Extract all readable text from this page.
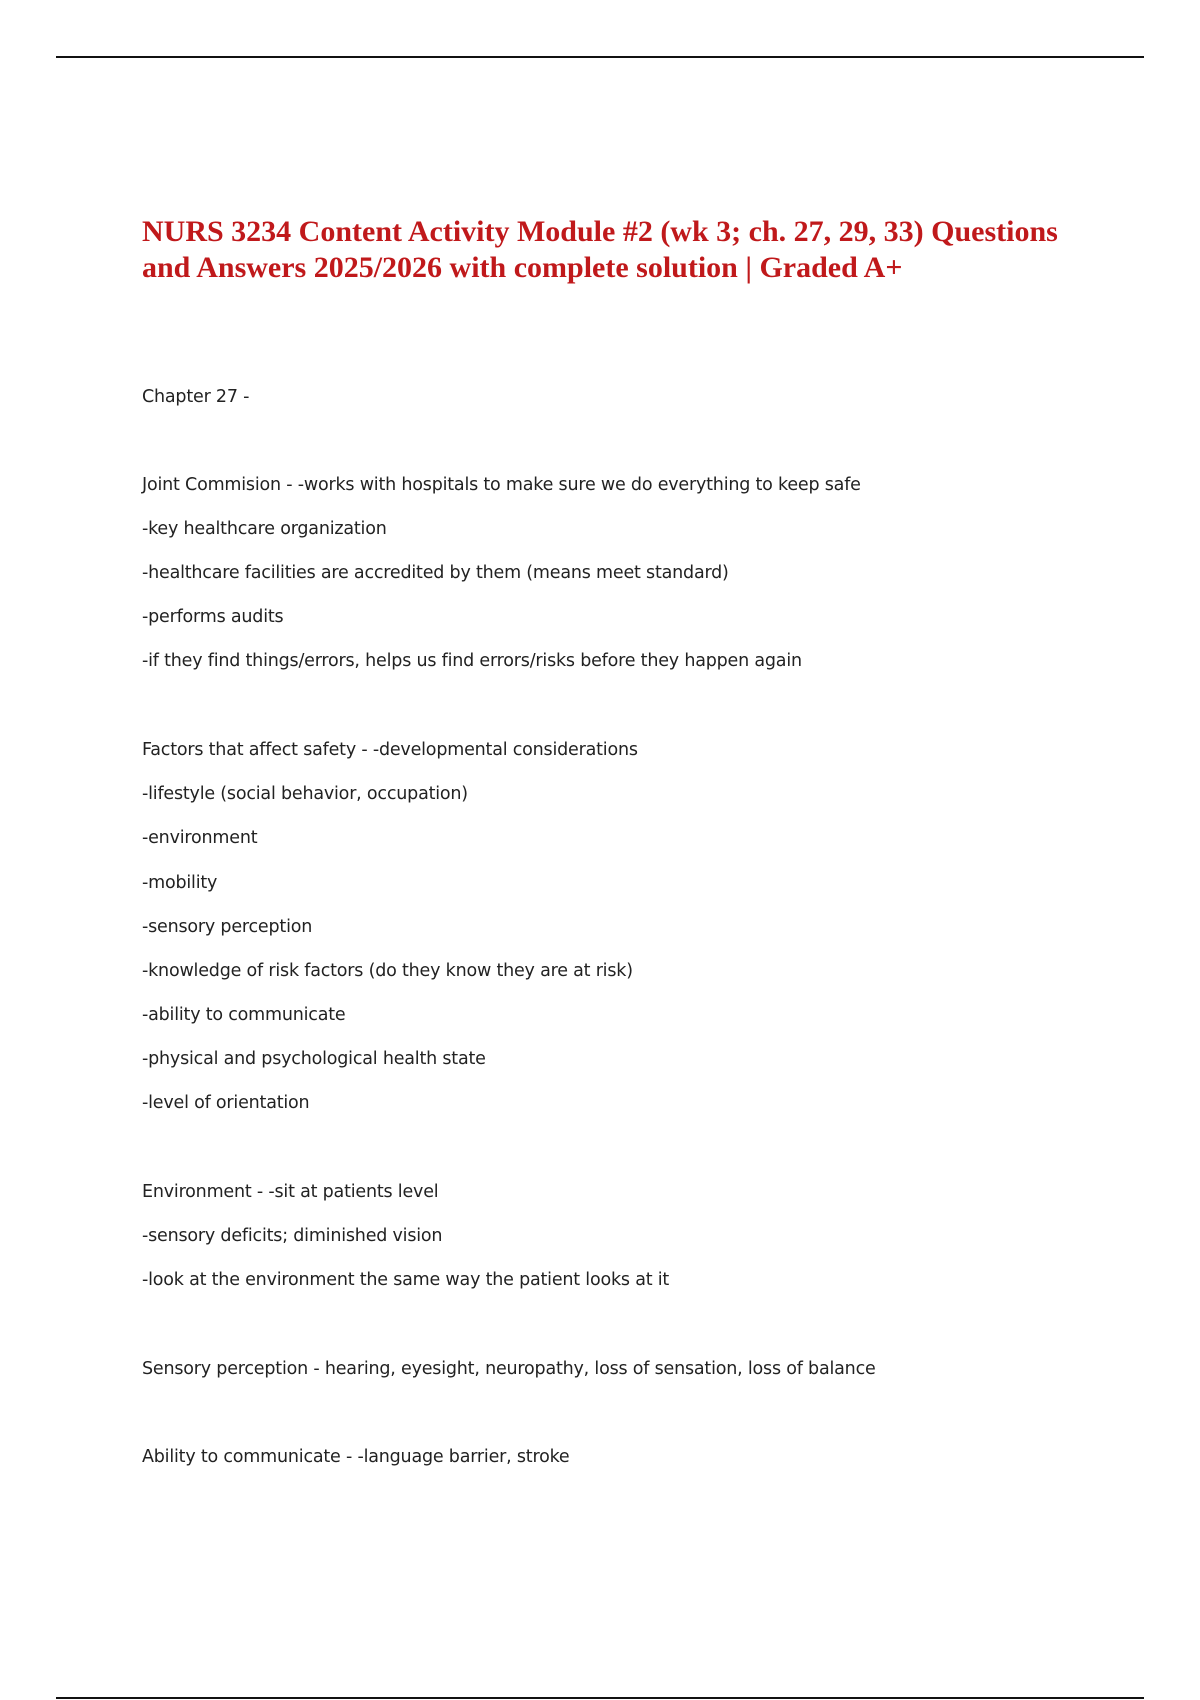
NURS 3234 Content Activity Module #2 (wk 3; ch. 27, 29, 33) Questions and Answers 2025/2026 with complete solution | Graded A+

Chapter 27 -

Joint Commision - -works with hospitals to make sure we do everything to keep safe

-key healthcare organization

-healthcare facilities are accredited by them (means meet standard)

-performs audits

-if they find things/errors, helps us find errors/risks before they happen again

Factors that affect safety - -developmental considerations

-lifestyle (social behavior, occupation)

-environment

-mobility

-sensory perception

-knowledge of risk factors (do they know they are at risk)

-ability to communicate

-physical and psychological health state

-level of orientation

Environment - -sit at patients level

-sensory deficits; diminished vision

-look at the environment the same way the patient looks at it

Sensory perception - hearing, eyesight, neuropathy, loss of sensation, loss of balance

Ability to communicate - -language barrier, stroke
